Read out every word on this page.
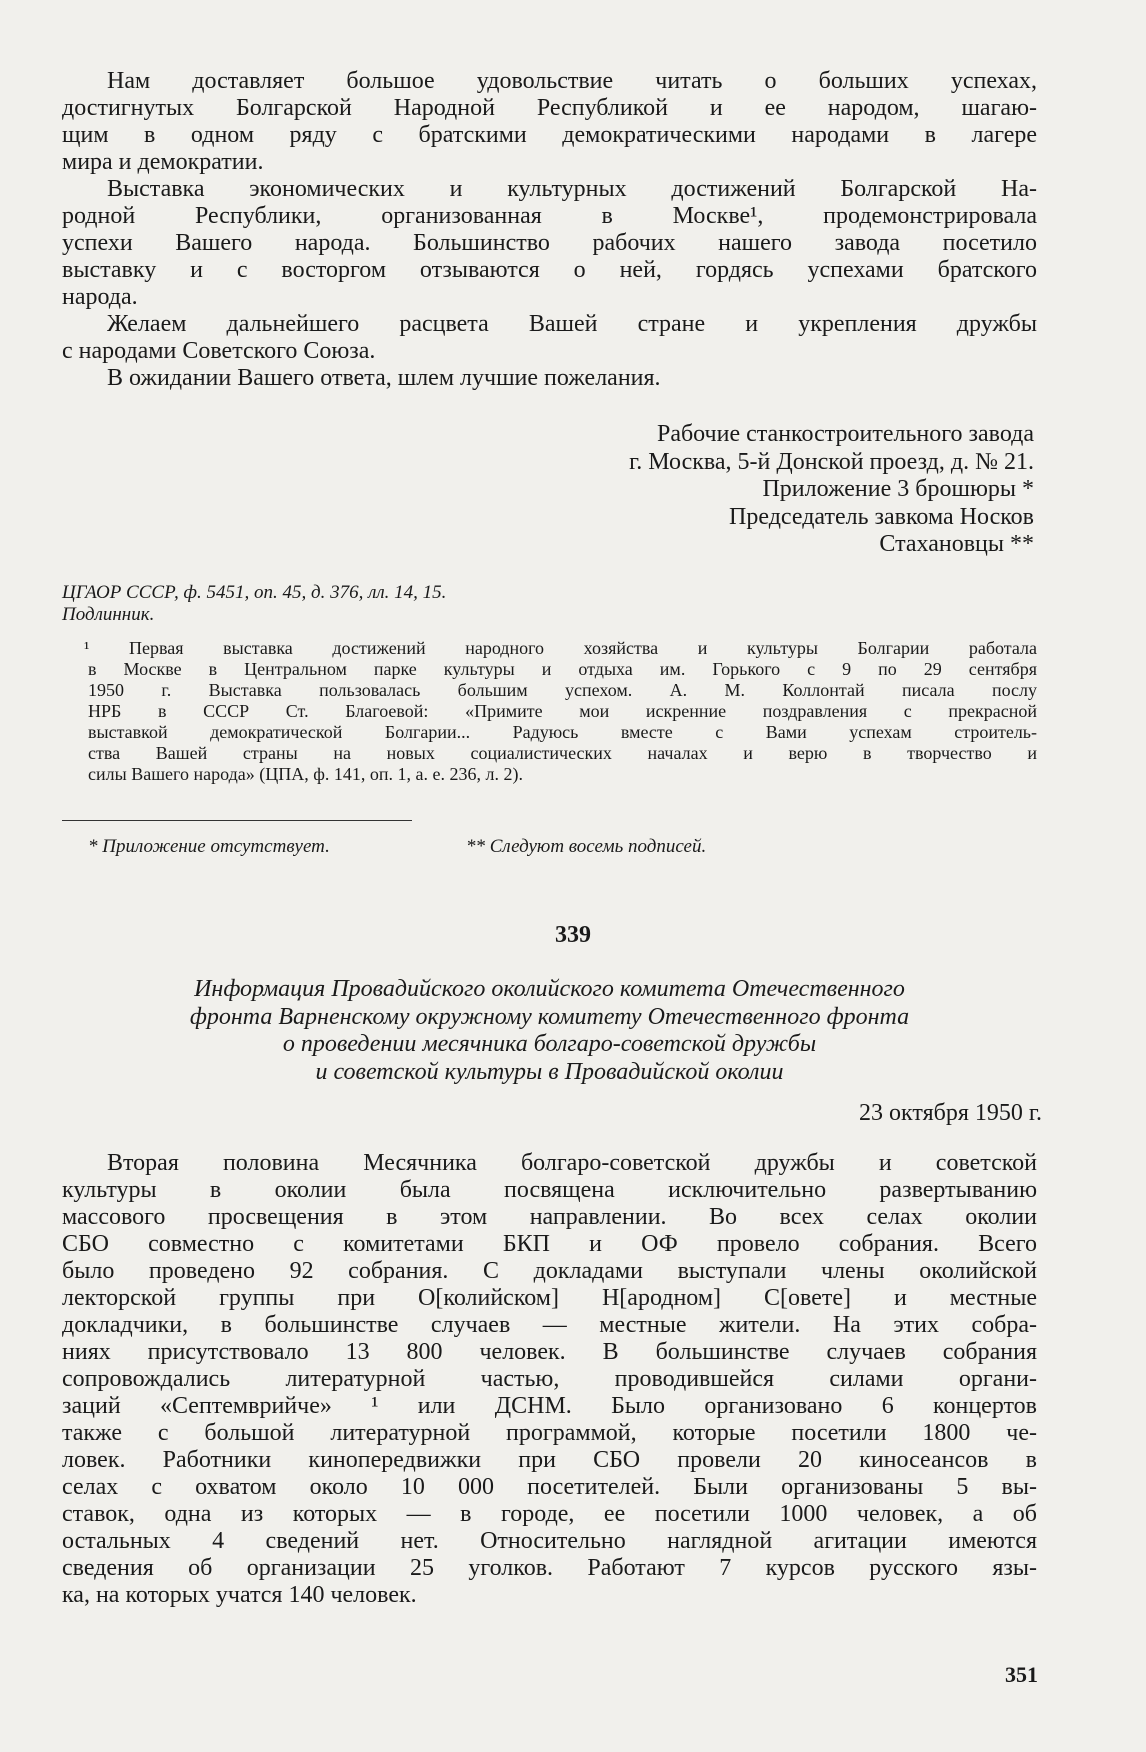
Нам доставляет большое удовольствие читать о больших успехах,
достигнутых Болгарской Народной Республикой и ее народом, шагаю-
щим в одном ряду с братскими демократическими народами в лагере
мира и демократии.
Выставка экономических и культурных достижений Болгарской На-
родной Республики, организованная в Москве¹, продемонстрировала
успехи Вашего народа. Большинство рабочих нашего завода посетило
выставку и с восторгом отзываются о ней, гордясь успехами братского
народа.
Желаем дальнейшего расцвета Вашей стране и укрепления дружбы
с народами Советского Союза.
В ожидании Вашего ответа, шлем лучшие пожелания.
Рабочие станкостроительного завода
г. Москва, 5-й Донской проезд, д. № 21.
Приложение 3 брошюры *
Председатель завкома Носков
Стахановцы **
ЦГАОР СССР, ф. 5451, оп. 45, д. 376, лл. 14, 15.
Подлинник.
¹ Первая выставка достижений народного хозяйства и культуры Болгарии работала
в Москве в Центральном парке культуры и отдыха им. Горького с 9 по 29 сентября
1950 г. Выставка пользовалась большим успехом. А. М. Коллонтай писала послу
НРБ в СССР Ст. Благоевой: «Примите мои искренние поздравления с прекрасной
выставкой демократической Болгарии... Радуюсь вместе с Вами успехам строитель-
ства Вашей страны на новых социалистических началах и верю в творчество и
силы Вашего народа» (ЦПА, ф. 141, оп. 1, а. е. 236, л. 2).
* Приложение отсутствует.	** Следуют восемь подписей.
339
Информация Провадийского околийского комитета Отечественного
фронта Варненскому окружному комитету Отечественного фронта
о проведении месячника болгаро-советской дружбы
и советской культуры в Провадийской околии
23 октября 1950 г.
Вторая половина Месячника болгаро-советской дружбы и советской
культуры в околии была посвящена исключительно развертыванию
массового просвещения в этом направлении. Во всех селах околии
СБО совместно с комитетами БКП и ОФ провело собрания. Всего
было проведено 92 собрания. С докладами выступали члены околийской
лекторской группы при О[колийском] Н[ародном] С[овете] и местные
докладчики, в большинстве случаев — местные жители. На этих собра-
ниях присутствовало 13 800 человек. В большинстве случаев собрания
сопровождались литературной частью, проводившейся силами органи-
заций «Септемврийче» ¹ или ДСНМ. Было организовано 6 концертов
также с большой литературной программой, которые посетили 1800 че-
ловек. Работники кинопередвижки при СБО провели 20 киносеансов в
селах с охватом около 10 000 посетителей. Были организованы 5 вы-
ставок, одна из которых — в городе, ее посетили 1000 человек, а об
остальных 4 сведений нет. Относительно наглядной агитации имеются
сведения об организации 25 уголков. Работают 7 курсов русского язы-
ка, на которых учатся 140 человек.
351
